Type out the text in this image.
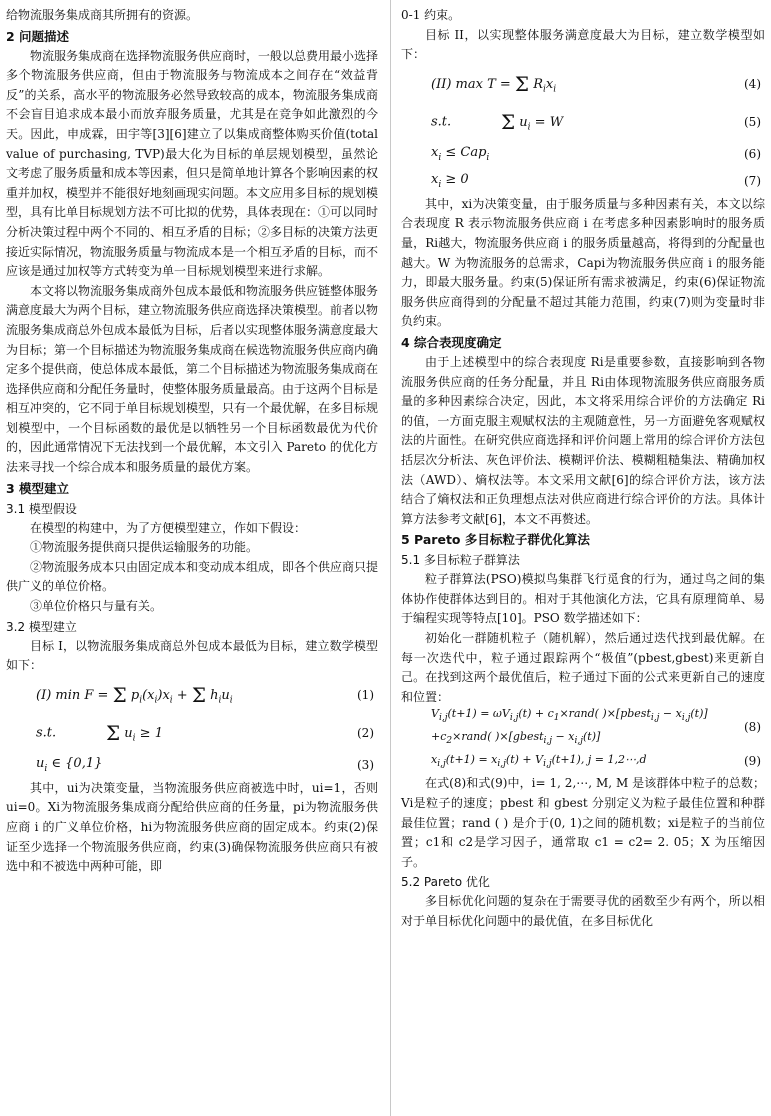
给物流服务集成商其所拥有的资源。

2 问题描述

物流服务集成商在选择物流服务供应商时，一般以总费用最小选择多个物流服务供应商，但由于物流服务与物流成本之间存在“效益背反”的关系，高水平的物流服务必然导致较高的成本，物流服务集成商不会盲目追求成本最小而放弃服务质量，尤其是在竞争如此激烈的今天。因此，申成霖，田宇等[3][6]建立了以集成商整体购买价值(total value of purchasing, TVP)最大化为目标的单层规划模型，虽然论文考虑了服务质量和成本等因素，但只是简单地计算各个影响因素的权重并加权，模型并不能很好地刻画现实问题。本文应用多目标的规划模型，具有比单目标规划方法不可比拟的优势，具体表现在：①可以同时分析决策过程中两个不同的、相互矛盾的目标；②多目标的决策方法更接近实际情况，物流服务质量与物流成本是一个相互矛盾的目标，而不应该是通过加权等方式转变为单一目标规划模型来进行求解。

本文将以物流服务集成商外包成本最低和物流服务供应链整体服务满意度最大为两个目标，建立物流服务供应商选择决策模型。前者以物流服务集成商总外包成本最低为目标，后者以实现整体服务满意度最大为目标；第一个目标描述为物流服务集成商在候选物流服务供应商内确定多个提供商，使总体成本最低，第二个目标描述为物流服务集成商在选择供应商和分配任务量时，使整体服务质量最高。由于这两个目标是相互冲突的，它不同于单目标规划模型，只有一个最优解，在多目标规划模型中，一个目标函数的最优是以牺牲另一个目标函数最优为代价的，因此通常情况下无法找到一个最优解，本文引入 Pareto 的优化方法来寻找一个综合成本和服务质量的最优方案。

3 模型建立
3.1 模型假设

在模型的构建中，为了方便模型建立，作如下假设：

①物流服务提供商只提供运输服务的功能。

②物流服务成本只由固定成本和变动成本组成，即各个供应商只提供广义的单位价格。

③单位价格只与量有关。

3.2 模型建立

目标 I，以物流服务集成商总外包成本最低为目标，建立数学模型如下：

(I) min F = Σ $p_i(x_i)x_i + \Sigma$ $h_iu_i$	(1)
s.t. Σ $u_i \ge 1$	(2)
$u_i$ ∈ {0,1}	(3)

其中，ui为决策变量，当物流服务供应商被选中时，ui=1，否则 ui=0。Xi为物流服务集成商分配给供应商的任务量，pi为物流服务供应商 i 的广义单位价格，hi为物流服务供应商的固定成本。约束(2)保证至少选择一个物流服务供应商，约束(3)确保物流服务供应商只有被选中和不被选中两种可能，即

0-1 约束。

目标 II，以实现整体服务满意度最大为目标，建立数学模型如下：

(II) max T = Σ $R_ix_i$	(4)
s.t. Σ $u_i = W$	(5)
$x_i \le Cap_i$	(6)
$x_i \ge 0$	(7)

其中，xi为决策变量，由于服务质量与多种因素有关，本文以综合表现度 R 表示物流服务供应商 i 在考虑多种因素影响时的服务质量，Ri越大，物流服务供应商 i 的服务质量越高，将得到的分配量也越大。W 为物流服务的总需求，Capi为物流服务供应商 i 的服务能力，即最大服务量。约束(5)保证所有需求被满足，约束(6)保证物流服务供应商得到的分配量不超过其能力范围，约束(7)则为变量时非负约束。

4 综合表现度确定

由于上述模型中的综合表现度 Ri是重要参数，直接影响到各物流服务供应商的任务分配量，并且 Ri由体现物流服务供应商服务质量的多种因素综合决定，因此，本文将采用综合评价的方法确定 Ri的值，一方面克服主观赋权法的主观随意性，另一方面避免客观赋权法的片面性。在研究供应商选择和评价问题上常用的综合评价方法包括层次分析法、灰色评价法、模糊评价法、模糊粗糙集法、精确加权法（AWD）、熵权法等。本文采用文献[6]的综合评价方法，该方法结合了熵权法和正负理想点法对供应商进行综合评价的方法。具体计算方法参考文献[6]，本文不再赘述。

5 Pareto 多目标粒子群优化算法
5.1 多目标粒子群算法

粒子群算法(PSO)模拟鸟集群飞行觅食的行为，通过鸟之间的集体协作使群体达到目的。相对于其他演化方法，它具有原理简单、易于编程实现等特点[10]。PSO 数学描述如下：

初始化一群随机粒子（随机解），然后通过迭代找到最优解。在每一次迭代中，粒子通过跟踪两个“极值”(pbest,gbest)来更新自己。在找到这两个最优值后，粒子通过下面的公式来更新自己的速度和位置：

$V_{i,j}(t+1) = \omega V_{i,j}(t)$ + $c_1\times rand$( )×[pbest$_{i,j}$ − $x_{i,j}(t)$]
$+c_2\times rand$( )×[gbest$_{i,j}$ − $x_{i,j}(t)$]
(8)
$x_{i,j}(t+1) = x_{i,j}(t) + V_{i,j}(t+1)$, j = 1,2⋯,d	(9)

在式(8)和式(9)中，i= 1, 2,⋯, M, M 是该群体中粒子的总数；Vi是粒子的速度；pbest 和 gbest 分别定义为粒子最佳位置和种群最佳位置；rand ( ) 是介于(0, 1)之间的随机数；xi是粒子的当前位置；c1和 c2是学习因子，通常取 c1 = c2= 2. 05；X 为压缩因子。

5.2 Pareto 优化

多目标优化问题的复杂在于需要寻优的函数至少有两个，所以相对于单目标优化问题中的最优值，在多目标优化
